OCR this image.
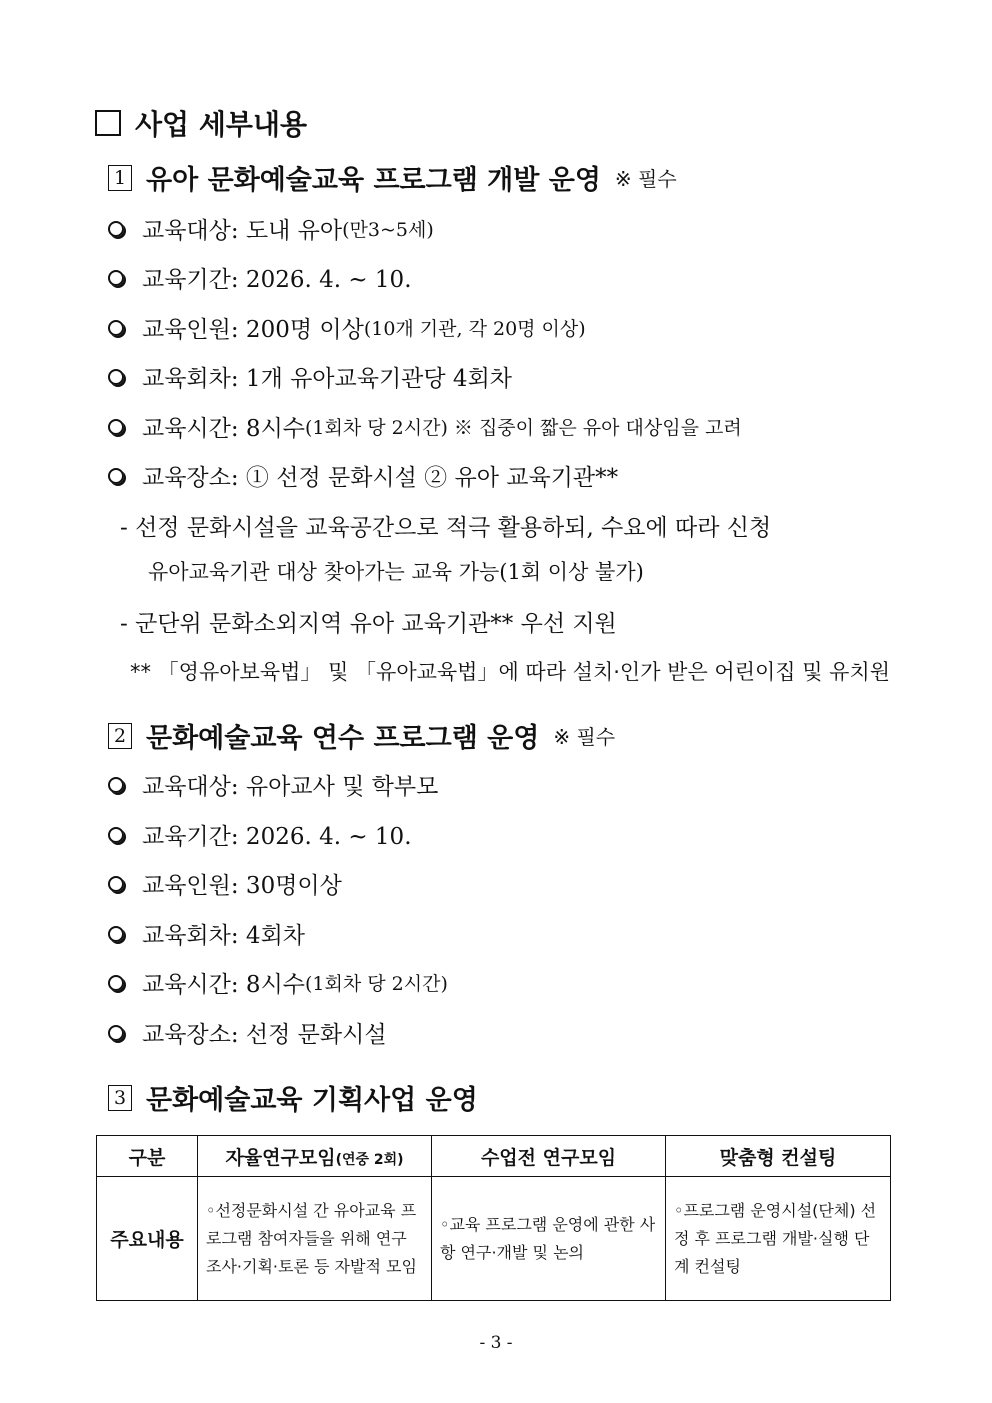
사업 세부내용
1 유아 문화예술교육 프로그램 개발 운영 ※ 필수
교육대상: 도내 유아 (만3~5세)
교육기간: 2026. 4. ~ 10.
교육인원: 200명 이상 (10개 기관, 각 20명 이상)
교육회차: 1개 유아교육기관당 4회차
교육시간: 8시수 (1회차 당 2시간) ※ 집중이 짧은 유아 대상임을 고려
교육장소: ① 선정 문화시설 ② 유아 교육기관**
- 선정 문화시설을 교육공간으로 적극 활용하되, 수요에 따라 신청
유아교육기관 대상 찾아가는 교육 가능(1회 이상 불가)
- 군단위 문화소외지역 유아 교육기관** 우선 지원
** 「영유아보육법」 및 「유아교육법」에 따라 설치·인가 받은 어린이집 및 유치원
2 문화예술교육 연수 프로그램 운영 ※ 필수
교육대상: 유아교사 및 학부모
교육기간: 2026. 4. ~ 10.
교육인원: 30명이상
교육회차: 4회차
교육시간: 8시수 (1회차 당 2시간)
교육장소: 선정 문화시설
3 문화예술교육 기획사업 운영
구분	자율연구모임(연중 2회)	수업전 연구모임	맞춤형 컨설팅
주요내용	◦선정문화시설 간 유아교육 프로그램 참여자들을 위해 연구 조사·기획·토론 등 자발적 모임	◦교육 프로그램 운영에 관한 사항 연구·개발 및 논의	◦프로그램 운영시설(단체) 선정 후 프로그램 개발·실행 단계 컨설팅
- 3 -
